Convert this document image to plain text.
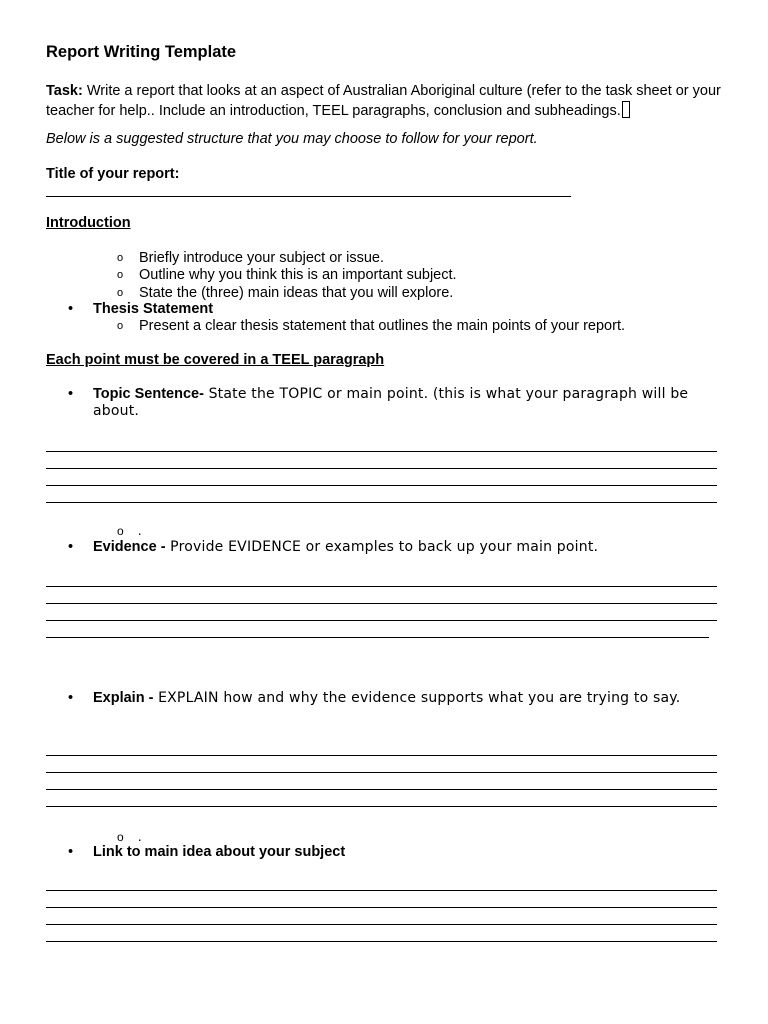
Report Writing Template

Task: Write a report that looks at an aspect of Australian Aboriginal culture (refer to the task sheet or your teacher for help.. Include an introduction, TEEL paragraphs, conclusion and subheadings.

Below is a suggested structure that you may choose to follow for your report.

Title of your report:

Introduction

o Briefly introduce your subject or issue.
o Outline why you think this is an important subject.
o State the (three) main ideas that you will explore.
• Thesis Statement
o Present a clear thesis statement that outlines the main points of your report.

Each point must be covered in a TEEL paragraph

• Topic Sentence- State the TOPIC or main point. (this is what your paragraph will be about.
o .
• Evidence - Provide EVIDENCE or examples to back up your main point.
• Explain - EXPLAIN how and why the evidence supports what you are trying to say.
o .
• Link to main idea about your subject
